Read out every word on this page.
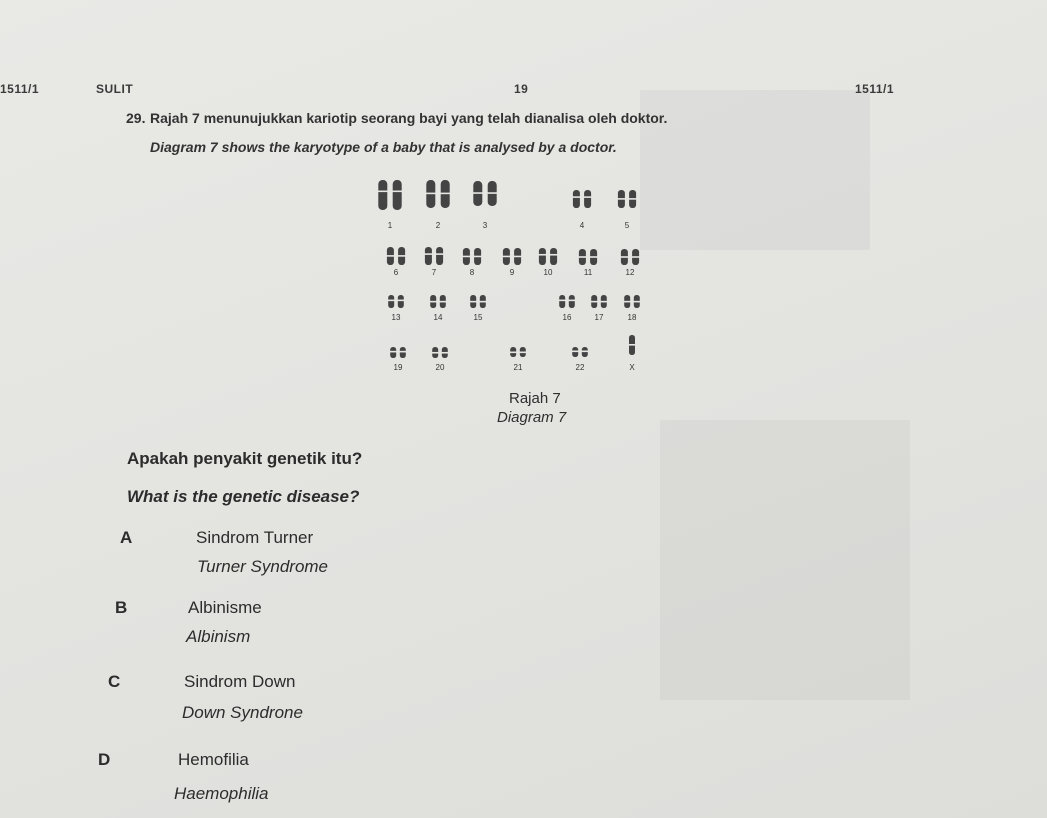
1511/1	SULIT	19	1511/1
29. Rajah 7 menunujukkan kariotip seorang bayi yang telah dianalisa oleh doktor.
Diagram 7 shows the karyotype of a baby that is analysed by a doctor.
1	2	3	4	5
6	7	8	9	10	11	12
13	14	15	16	17	18
19	20	21	22	X
Rajah 7
Diagram 7
Apakah penyakit genetik itu?
What is the genetic disease?
A	Sindrom Turner
Turner Syndrome
B	Albinisme
Albinism
C	Sindrom Down
Down Syndrone
D	Hemofilia
Haemophilia
